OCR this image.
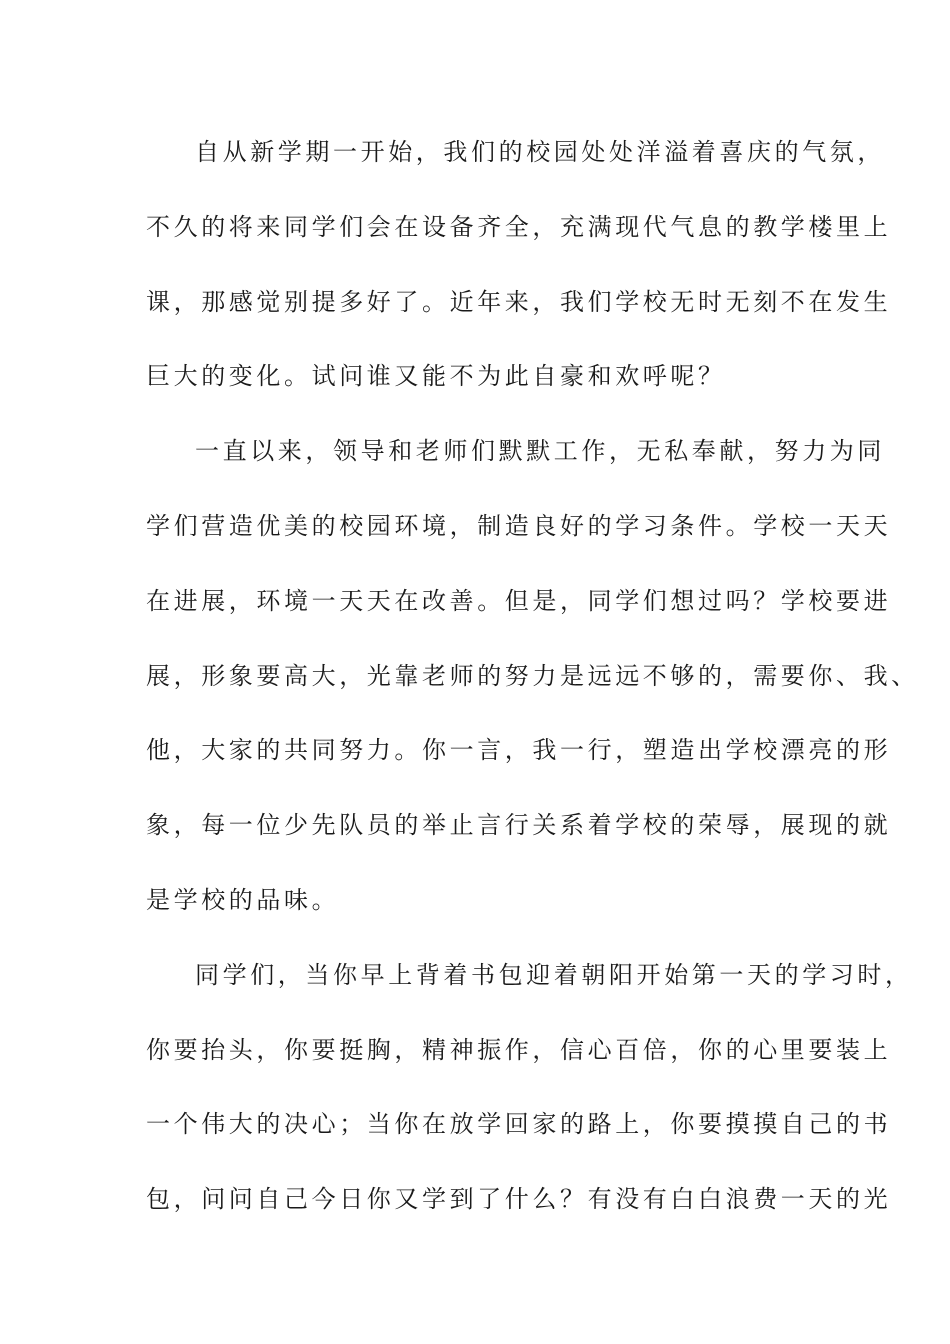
自从新学期一开始，我们的校园处处洋溢着喜庆的气氛，
不久的将来同学们会在设备齐全，充满现代气息的教学楼里上
课，那感觉别提多好了。近年来，我们学校无时无刻不在发生
巨大的变化。试问谁又能不为此自豪和欢呼呢？
一直以来，领导和老师们默默工作，无私奉献，努力为同
学们营造优美的校园环境，制造良好的学习条件。学校一天天
在进展，环境一天天在改善。但是，同学们想过吗？学校要进
展，形象要高大，光靠老师的努力是远远不够的，需要你、我、
他，大家的共同努力。你一言，我一行，塑造出学校漂亮的形
象，每一位少先队员的举止言行关系着学校的荣辱，展现的就
是学校的品味。
同学们，当你早上背着书包迎着朝阳开始第一天的学习时，
你要抬头，你要挺胸，精神振作，信心百倍，你的心里要装上
一个伟大的决心；当你在放学回家的路上，你要摸摸自己的书
包，问问自己今日你又学到了什么？有没有白白浪费一天的光
